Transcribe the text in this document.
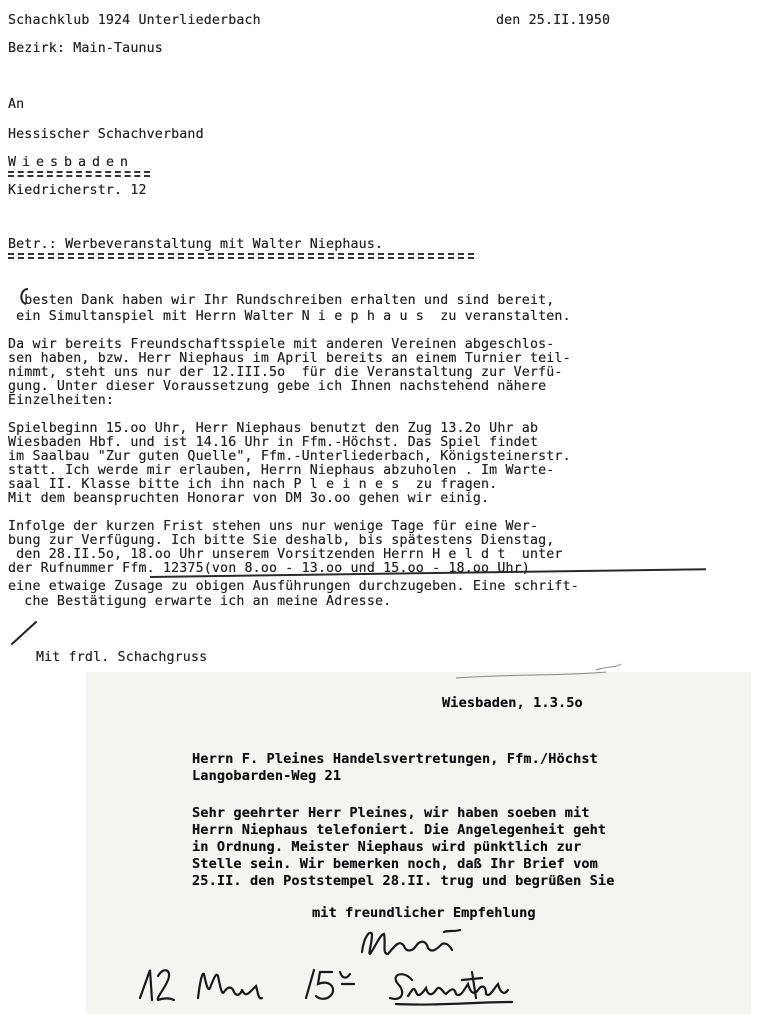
Schachklub 1924 Unterliederbach	den 25.II.1950
Bezirk: Main-Taunus
An
Hessischer Schachverband
Wiesbaden
Kiedricherstr. 12
Betr.: Werbeveranstaltung mit Walter Niephaus.
besten Dank haben wir Ihr Rundschreiben erhalten und sind bereit,
ein Simultanspiel mit Herrn Walter N i e p h a u s  zu veranstalten.
Da wir bereits Freundschaftsspiele mit anderen Vereinen abgeschlos-
sen haben, bzw. Herr Niephaus im April bereits an einem Turnier teil-
nimmt, steht uns nur der 12.III.5o  für die Veranstaltung zur Verfü-
gung. Unter dieser Voraussetzung gebe ich Ihnen nachstehend nähere
Einzelheiten:
Spielbeginn 15.oo Uhr, Herr Niephaus benutzt den Zug 13.2o Uhr ab
Wiesbaden Hbf. und ist 14.16 Uhr in Ffm.-Höchst. Das Spiel findet
im Saalbau "Zur guten Quelle", Ffm.-Unterliederbach, Königsteinerstr.
statt. Ich werde mir erlauben, Herrn Niephaus abzuholen . Im Warte-
saal II. Klasse bitte ich ihn nach P l e i n e s  zu fragen.
Mit dem beanspruchten Honorar von DM 3o.oo gehen wir einig.
Infolge der kurzen Frist stehen uns nur wenige Tage für eine Wer-
bung zur Verfügung. Ich bitte Sie deshalb, bis spätestens Dienstag,
den 28.II.5o, 18.oo Uhr unserem Vorsitzenden Herrn H e l d t  unter
der Rufnummer Ffm. 12375(von 8.oo - 13.oo und 15.oo - 18.oo Uhr)
eine etwaige Zusage zu obigen Ausführungen durchzugeben. Eine schrift-
che Bestätigung erwarte ich an meine Adresse.
Mit frdl. Schachgruss
Wiesbaden, 1.3.5o
Herrn F. Pleines Handelsvertretungen, Ffm./Höchst
Langobarden-Weg 21
Sehr geehrter Herr Pleines, wir haben soeben mit
Herrn Niephaus telefoniert. Die Angelegenheit geht
in Ordnung. Meister Niephaus wird pünktlich zur
Stelle sein. Wir bemerken noch, daß Ihr Brief vom
25.II. den Poststempel 28.II. trug und begrüßen Sie
mit freundlicher Empfehlung
